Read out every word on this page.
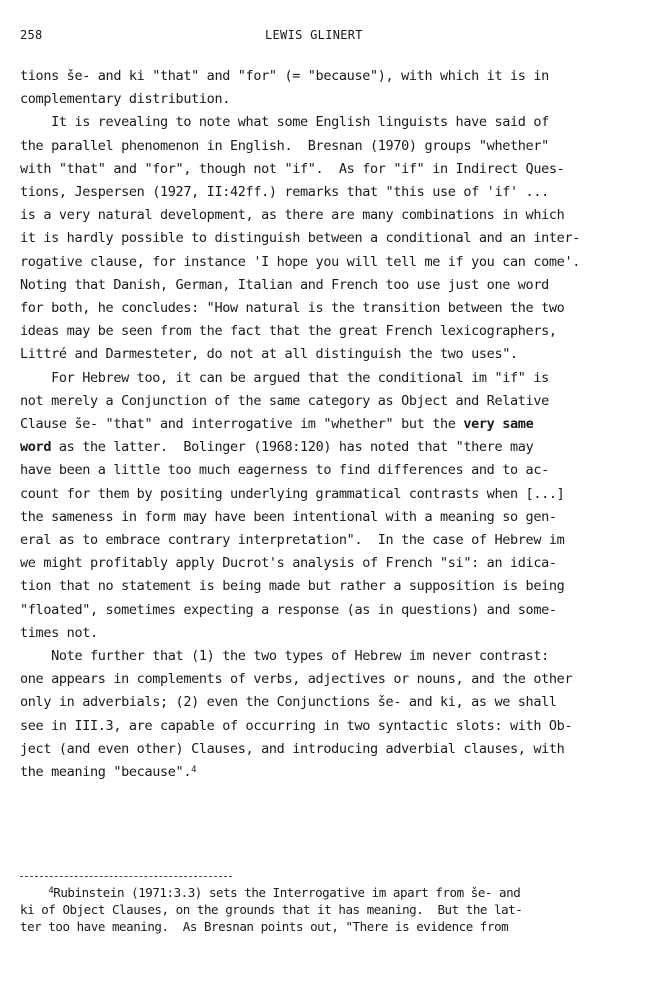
258	LEWIS GLINERT
tions še- and ki "that" and "for" (= "because"), with which it is in
complementary distribution.
It is revealing to note what some English linguists have said of
the parallel phenomenon in English.  Bresnan (1970) groups "whether"
with "that" and "for", though not "if".  As for "if" in Indirect Ques-
tions, Jespersen (1927, II:42ff.) remarks that "this use of 'if' ...
is a very natural development, as there are many combinations in which
it is hardly possible to distinguish between a conditional and an inter-
rogative clause, for instance 'I hope you will tell me if you can come'.
Noting that Danish, German, Italian and French too use just one word
for both, he concludes: "How natural is the transition between the two
ideas may be seen from the fact that the great French lexicographers,
Littré and Darmesteter, do not at all distinguish the two uses".
For Hebrew too, it can be argued that the conditional im "if" is
not merely a Conjunction of the same category as Object and Relative
Clause še- "that" and interrogative im "whether" but the very same
word as the latter.  Bolinger (1968:120) has noted that "there may
have been a little too much eagerness to find differences and to ac-
count for them by positing underlying grammatical contrasts when [...]
the sameness in form may have been intentional with a meaning so gen-
eral as to embrace contrary interpretation".  In the case of Hebrew im
we might profitably apply Ducrot's analysis of French "si": an idica-
tion that no statement is being made but rather a supposition is being
"floated", sometimes expecting a response (as in questions) and some-
times not.
Note further that (1) the two types of Hebrew im never contrast:
one appears in complements of verbs, adjectives or nouns, and the other
only in adverbials; (2) even the Conjunctions še- and ki, as we shall
see in III.3, are capable of occurring in two syntactic slots: with Ob-
ject (and even other) Clauses, and introducing adverbial clauses, with
the meaning "because".$^4$
$^4$Rubinstein (1971:3.3) sets the Interrogative im apart from še- and
ki of Object Clauses, on the grounds that it has meaning.  But the lat-
ter too have meaning.  As Bresnan points out, "There is evidence from
